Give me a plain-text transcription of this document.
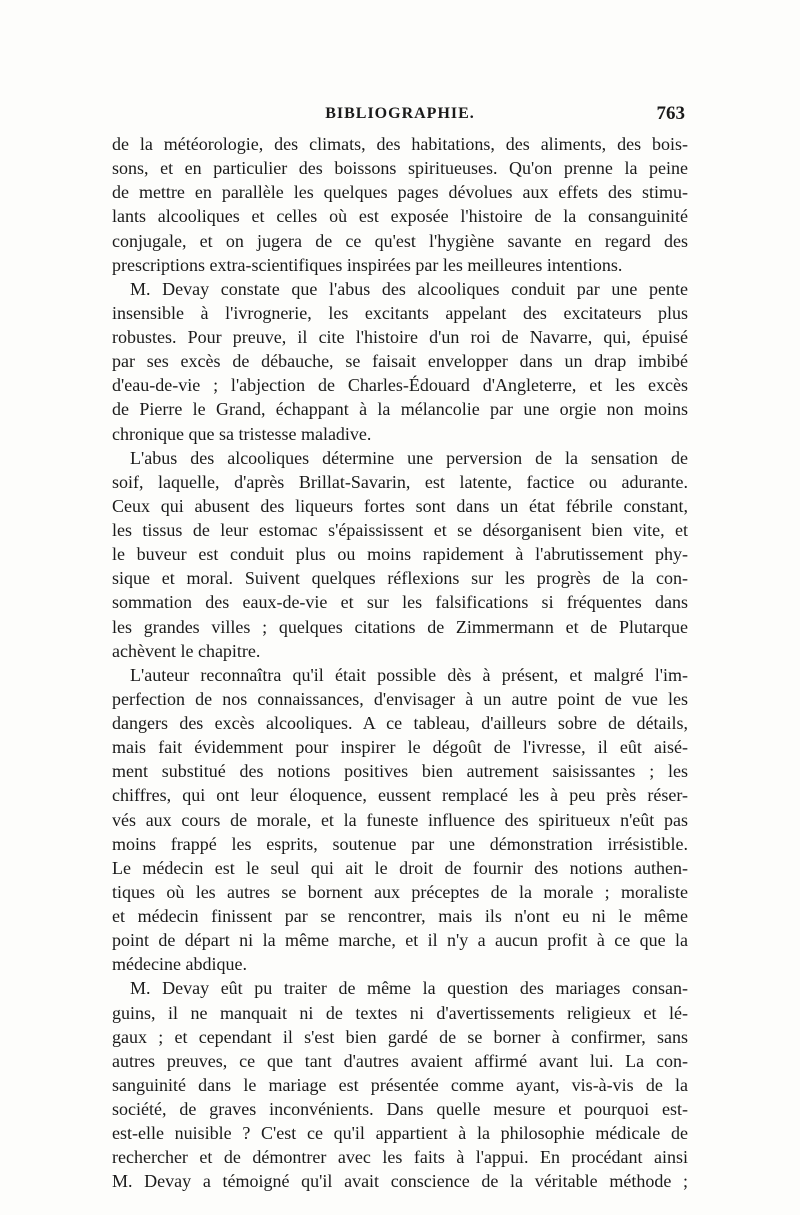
BIBLIOGRAPHIE.	763
de la météorologie, des climats, des habitations, des aliments, des bois-
sons, et en particulier des boissons spiritueuses. Qu'on prenne la peine
de mettre en parallèle les quelques pages dévolues aux effets des stimu-
lants alcooliques et celles où est exposée l'histoire de la consanguinité
conjugale, et on jugera de ce qu'est l'hygiène savante en regard des
prescriptions extra-scientifiques inspirées par les meilleures intentions.
M. Devay constate que l'abus des alcooliques conduit par une pente
insensible à l'ivrognerie, les excitants appelant des excitateurs plus
robustes. Pour preuve, il cite l'histoire d'un roi de Navarre, qui, épuisé
par ses excès de débauche, se faisait envelopper dans un drap imbibé
d'eau-de-vie ; l'abjection de Charles-Édouard d'Angleterre, et les excès
de Pierre le Grand, échappant à la mélancolie par une orgie non moins
chronique que sa tristesse maladive.
L'abus des alcooliques détermine une perversion de la sensation de
soif, laquelle, d'après Brillat-Savarin, est latente, factice ou adurante.
Ceux qui abusent des liqueurs fortes sont dans un état fébrile constant,
les tissus de leur estomac s'épaississent et se désorganisent bien vite, et
le buveur est conduit plus ou moins rapidement à l'abrutissement phy-
sique et moral. Suivent quelques réflexions sur les progrès de la con-
sommation des eaux-de-vie et sur les falsifications si fréquentes dans
les grandes villes ; quelques citations de Zimmermann et de Plutarque
achèvent le chapitre.
L'auteur reconnaîtra qu'il était possible dès à présent, et malgré l'im-
perfection de nos connaissances, d'envisager à un autre point de vue les
dangers des excès alcooliques. A ce tableau, d'ailleurs sobre de détails,
mais fait évidemment pour inspirer le dégoût de l'ivresse, il eût aisé-
ment substitué des notions positives bien autrement saisissantes ; les
chiffres, qui ont leur éloquence, eussent remplacé les à peu près réser-
vés aux cours de morale, et la funeste influence des spiritueux n'eût pas
moins frappé les esprits, soutenue par une démonstration irrésistible.
Le médecin est le seul qui ait le droit de fournir des notions authen-
tiques où les autres se bornent aux préceptes de la morale ; moraliste
et médecin finissent par se rencontrer, mais ils n'ont eu ni le même
point de départ ni la même marche, et il n'y a aucun profit à ce que la
médecine abdique.
M. Devay eût pu traiter de même la question des mariages consan-
guins, il ne manquait ni de textes ni d'avertissements religieux et lé-
gaux ; et cependant il s'est bien gardé de se borner à confirmer, sans
autres preuves, ce que tant d'autres avaient affirmé avant lui. La con-
sanguinité dans le mariage est présentée comme ayant, vis-à-vis de la
société, de graves inconvénients. Dans quelle mesure et pourquoi est-
est-elle nuisible ? C'est ce qu'il appartient à la philosophie médicale de
rechercher et de démontrer avec les faits à l'appui. En procédant ainsi
M. Devay a témoigné qu'il avait conscience de la véritable méthode ;
